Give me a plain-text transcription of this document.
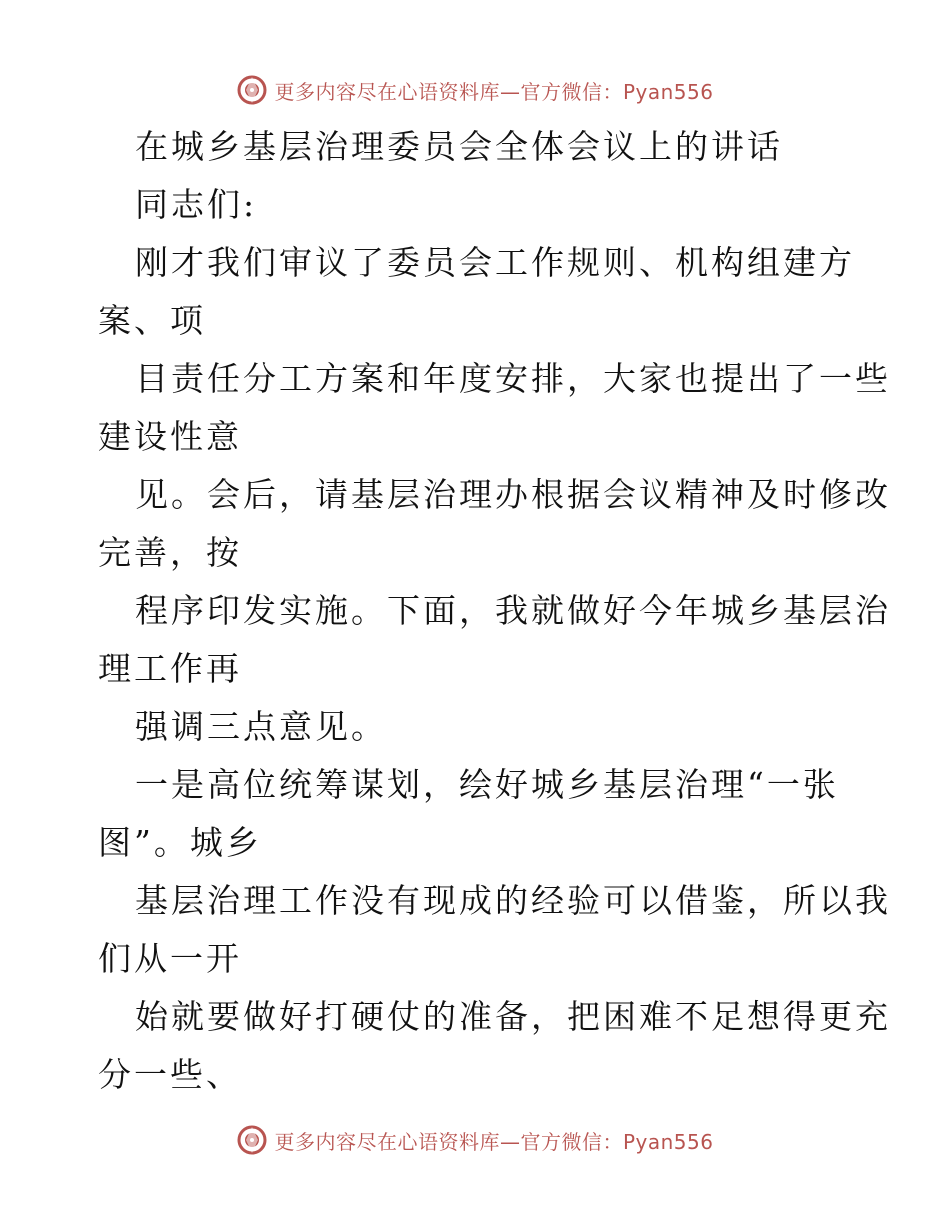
更多内容尽在心语资料库—官方微信：Pyan556
在城乡基层治理委员会全体会议上的讲话
同志们:
刚才我们审议了委员会工作规则、机构组建方
案、项
目责任分工方案和年度安排，大家也提出了一些
建设性意
见。会后，请基层治理办根据会议精神及时修改
完善，按
程序印发实施。下面，我就做好今年城乡基层治
理工作再
强调三点意见。
一是高位统筹谋划，绘好城乡基层治理“一张
图”。城乡
基层治理工作没有现成的经验可以借鉴，所以我
们从一开
始就要做好打硬仗的准备，把困难不足想得更充
分一些、
更多内容尽在心语资料库—官方微信：Pyan556
